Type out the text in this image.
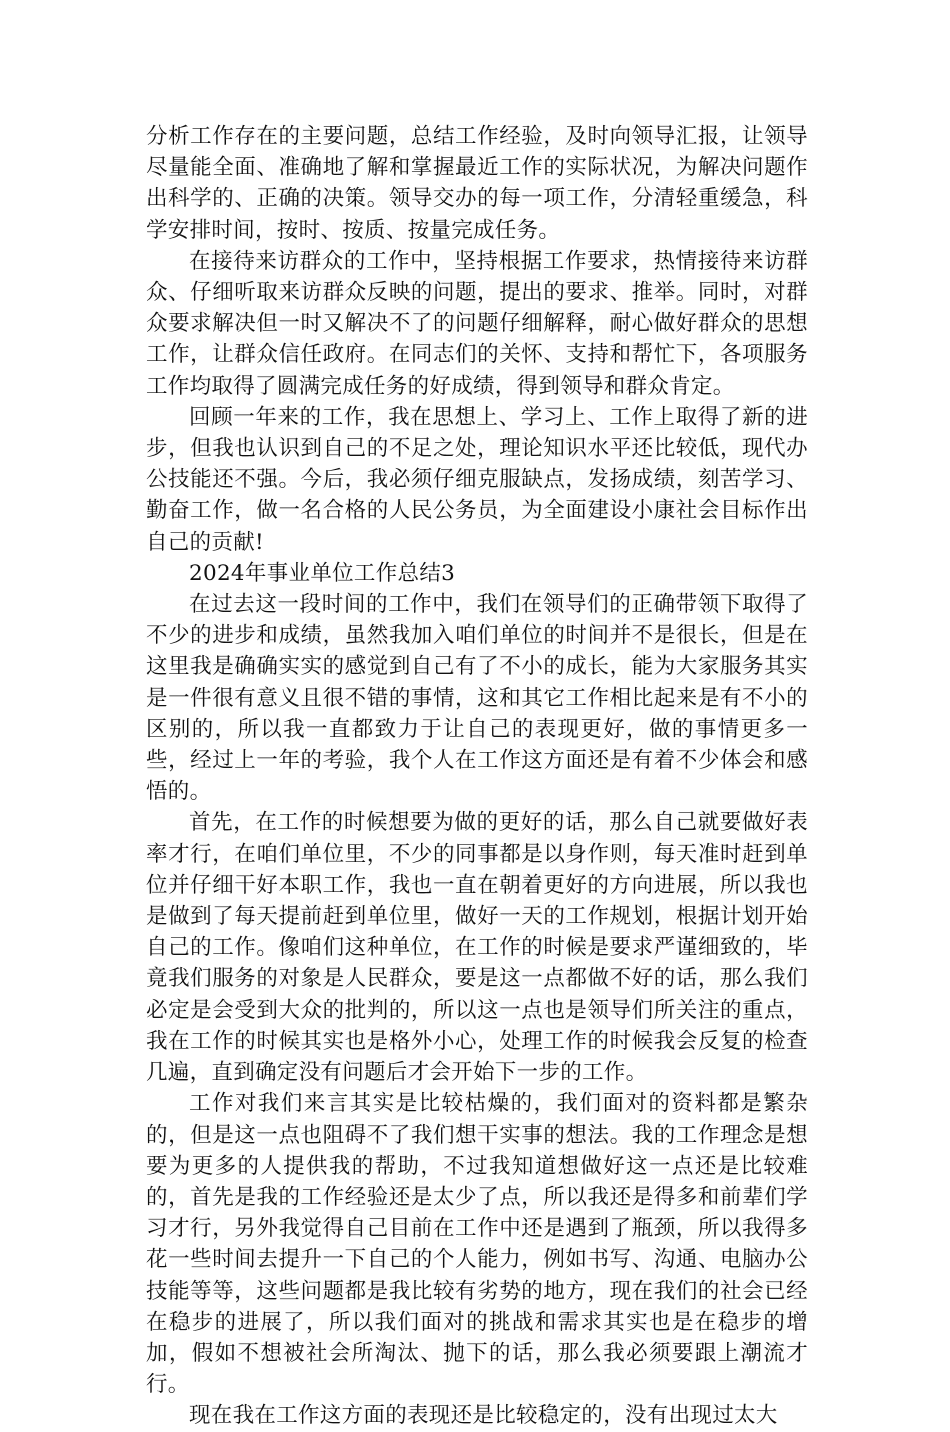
分析工作存在的主要问题，总结工作经验，及时向领导汇报，让领导尽量能全面、准确地了解和掌握最近工作的实际状况，为解决问题作出科学的、正确的决策。领导交办的每一项工作，分清轻重缓急，科学安排时间，按时、按质、按量完成任务。

在接待来访群众的工作中，坚持根据工作要求，热情接待来访群众、仔细听取来访群众反映的问题，提出的要求、推举。同时，对群众要求解决但一时又解决不了的问题仔细解释，耐心做好群众的思想工作，让群众信任政府。在同志们的关怀、支持和帮忙下，各项服务工作均取得了圆满完成任务的好成绩，得到领导和群众肯定。

回顾一年来的工作，我在思想上、学习上、工作上取得了新的进步，但我也认识到自己的不足之处，理论知识水平还比较低，现代办公技能还不强。今后，我必须仔细克服缺点，发扬成绩，刻苦学习、勤奋工作，做一名合格的人民公务员，为全面建设小康社会目标作出自己的贡献!

2024年事业单位工作总结3

在过去这一段时间的工作中，我们在领导们的正确带领下取得了不少的进步和成绩，虽然我加入咱们单位的时间并不是很长，但是在这里我是确确实实的感觉到自己有了不小的成长，能为大家服务其实是一件很有意义且很不错的事情，这和其它工作相比起来是有不小的区别的，所以我一直都致力于让自己的表现更好，做的事情更多一些，经过上一年的考验，我个人在工作这方面还是有着不少体会和感悟的。

首先，在工作的时候想要为做的更好的话，那么自己就要做好表率才行，在咱们单位里，不少的同事都是以身作则，每天准时赶到单位并仔细干好本职工作，我也一直在朝着更好的方向进展，所以我也是做到了每天提前赶到单位里，做好一天的工作规划，根据计划开始自己的工作。像咱们这种单位，在工作的时候是要求严谨细致的，毕竟我们服务的对象是人民群众，要是这一点都做不好的话，那么我们必定是会受到大众的批判的，所以这一点也是领导们所关注的重点，我在工作的时候其实也是格外小心，处理工作的时候我会反复的检查几遍，直到确定没有问题后才会开始下一步的工作。

工作对我们来言其实是比较枯燥的，我们面对的资料都是繁杂的，但是这一点也阻碍不了我们想干实事的想法。我的工作理念是想要为更多的人提供我的帮助，不过我知道想做好这一点还是比较难的，首先是我的工作经验还是太少了点，所以我还是得多和前辈们学习才行，另外我觉得自己目前在工作中还是遇到了瓶颈，所以我得多花一些时间去提升一下自己的个人能力，例如书写、沟通、电脑办公技能等等，这些问题都是我比较有劣势的地方，现在我们的社会已经在稳步的进展了，所以我们面对的挑战和需求其实也是在稳步的增加，假如不想被社会所淘汰、抛下的话，那么我必须要跟上潮流才行。

现在我在工作这方面的表现还是比较稳定的，没有出现过太大
